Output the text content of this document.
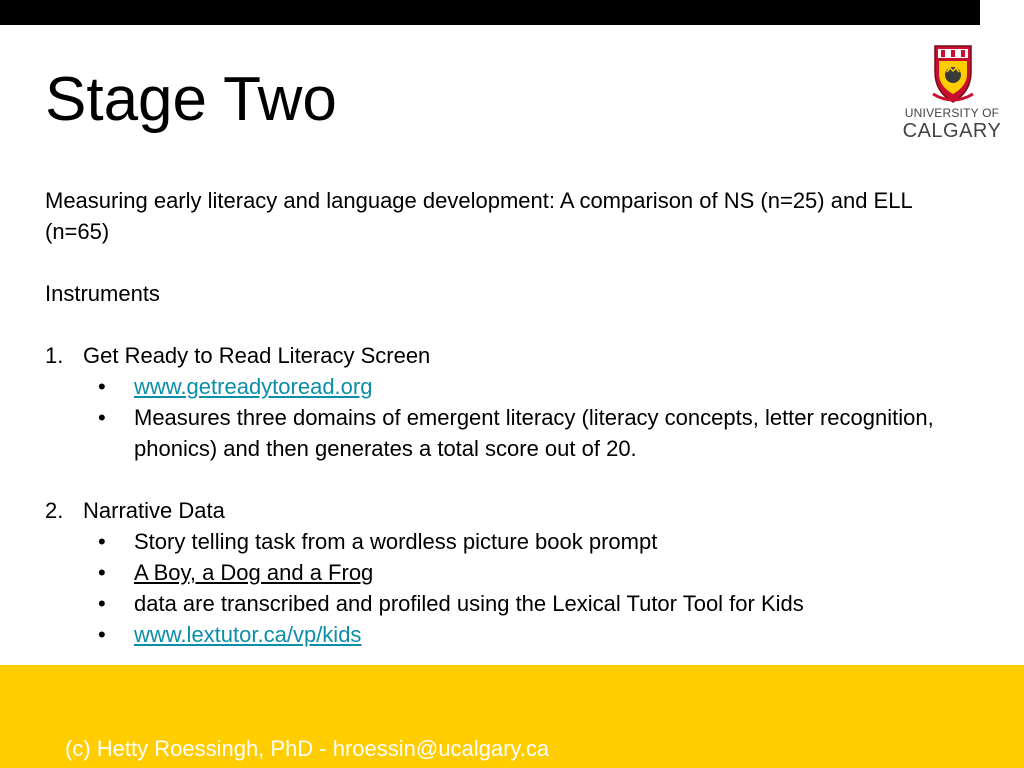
Stage Two	UNIVERSITY OF
CALGARY

Measuring early literacy and language development: A comparison of NS (n=25) and ELL (n=65)

Instruments

1. Get Ready to Read Literacy Screen
• www.getreadytoread.org
• Measures three domains of emergent literacy (literacy concepts, letter recognition, phonics) and then generates a total score out of 20.
2. Narrative Data
• Story telling task from a wordless picture book prompt
• A Boy, a Dog and a Frog
• data are transcribed and profiled using the Lexical Tutor Tool for Kids
• www.lextutor.ca/vp/kids
(c) Hetty Roessingh, PhD - hroessin@ucalgary.ca
